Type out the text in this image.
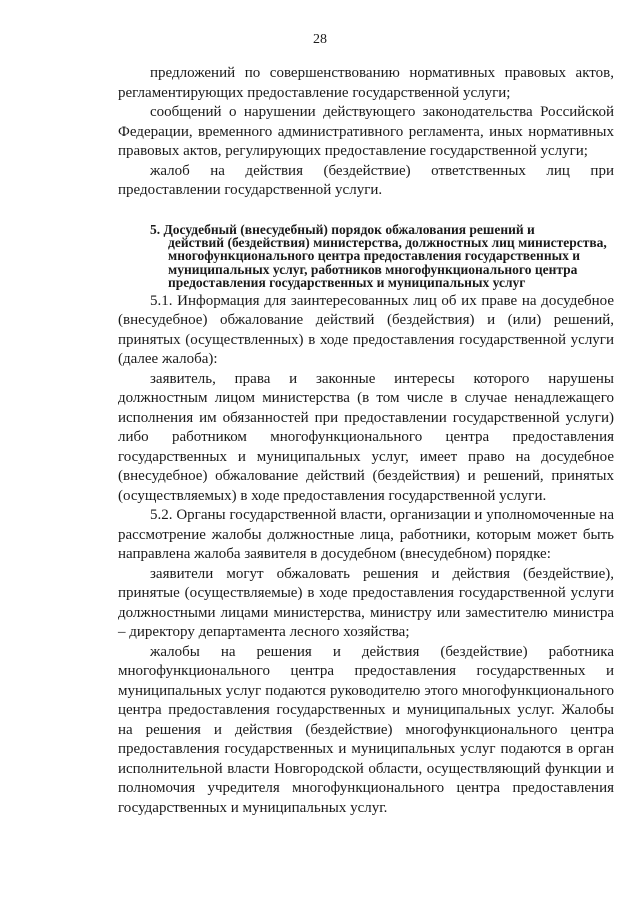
28

предложений по совершенствованию нормативных правовых актов, регламентирующих предоставление государственной услуги;

сообщений о нарушении действующего законодательства Российской Федерации, временного административного регламента, иных нормативных правовых актов, регулирующих предоставление государственной услуги;

жалоб на действия (бездействие) ответственных лиц при предоставлении государственной услуги.

5. Досудебный (внесудебный) порядок обжалования решений и
действий (бездействия) министерства, должностных лиц министерства, многофункционального центра предоставления государственных и муниципальных услуг, работников многофункционального центра предоставления государственных и муниципальных услуг

5.1. Информация для заинтересованных лиц об их праве на досудебное (внесудебное) обжалование действий (бездействия) и (или) решений, принятых (осуществленных) в ходе предоставления государственной услуги (далее жалоба):

заявитель, права и законные интересы которого нарушены должностным лицом министерства (в том числе в случае ненадлежащего исполнения им обязанностей при предоставлении государственной услуги) либо работником многофункционального центра предоставления государственных и муниципальных услуг, имеет право на досудебное (внесудебное) обжалование действий (бездействия) и решений, принятых (осуществляемых) в ходе предоставления государственной услуги.

5.2. Органы государственной власти, организации и уполномоченные на рассмотрение жалобы должностные лица, работники, которым может быть направлена жалоба заявителя в досудебном (внесудебном) порядке:

заявители могут обжаловать решения и действия (бездействие), принятые (осуществляемые) в ходе предоставления государственной услуги должностными лицами министерства, министру или заместителю министра – директору департамента лесного хозяйства;

жалобы на решения и действия (бездействие) работника многофункционального центра предоставления государственных и муниципальных услуг подаются руководителю этого многофункционального центра предоставления государственных и муниципальных услуг. Жалобы на решения и действия (бездействие) многофункционального центра предоставления государственных и муниципальных услуг подаются в орган исполнительной власти Новгородской области, осуществляющий функции и полномочия учредителя многофункционального центра предоставления государственных и муниципальных услуг.
